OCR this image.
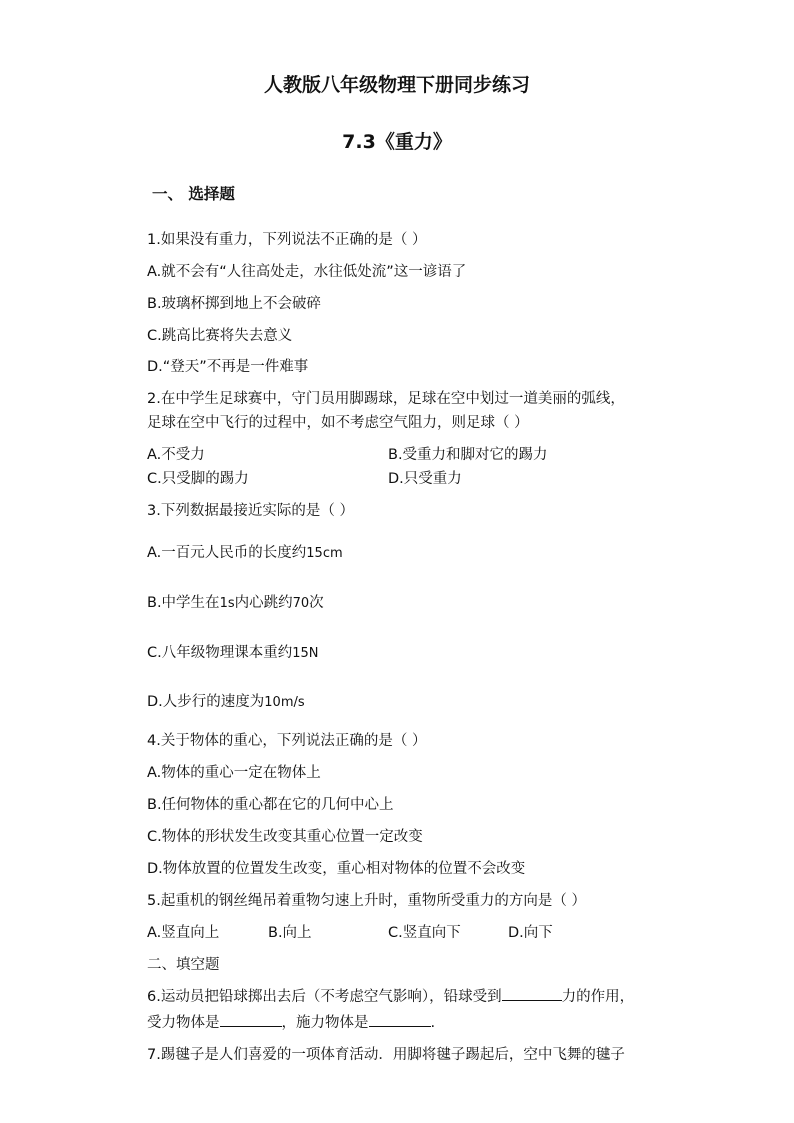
人教版八年级物理下册同步练习
7.3《重力》
一、 选择题
1.如果没有重力，下列说法不正确的是（ ）
A.就不会有“人往高处走，水往低处流”这一谚语了
B.玻璃杯掷到地上不会破碎
C.跳高比赛将失去意义
D.“登天”不再是一件难事
2.在中学生足球赛中，守门员用脚踢球，足球在空中划过一道美丽的弧线，
足球在空中飞行的过程中，如不考虑空气阻力，则足球（ ）
A.不受力	B.受重力和脚对它的踢力
C.只受脚的踢力	D.只受重力
3.下列数据最接近实际的是（ ）
A.一百元人民币的长度约15cm
B.中学生在1s内心跳约70次
C.八年级物理课本重约15N
D.人步行的速度为10m/s
4.关于物体的重心，下列说法正确的是（ ）
A.物体的重心一定在物体上
B.任何物体的重心都在它的几何中心上
C.物体的形状发生改变其重心位置一定改变
D.物体放置的位置发生改变，重心相对物体的位置不会改变
5.起重机的钢丝绳吊着重物匀速上升时，重物所受重力的方向是（ ）
A.竖直向上	B.向上	C.竖直向下	D.向下
二、填空题
6.运动员把铅球掷出去后（不考虑空气影响），铅球受到	力的作用，
受力物体是	，施力物体是	.
7.踢毽子是人们喜爱的一项体育活动．用脚将毽子踢起后，空中飞舞的毽子
